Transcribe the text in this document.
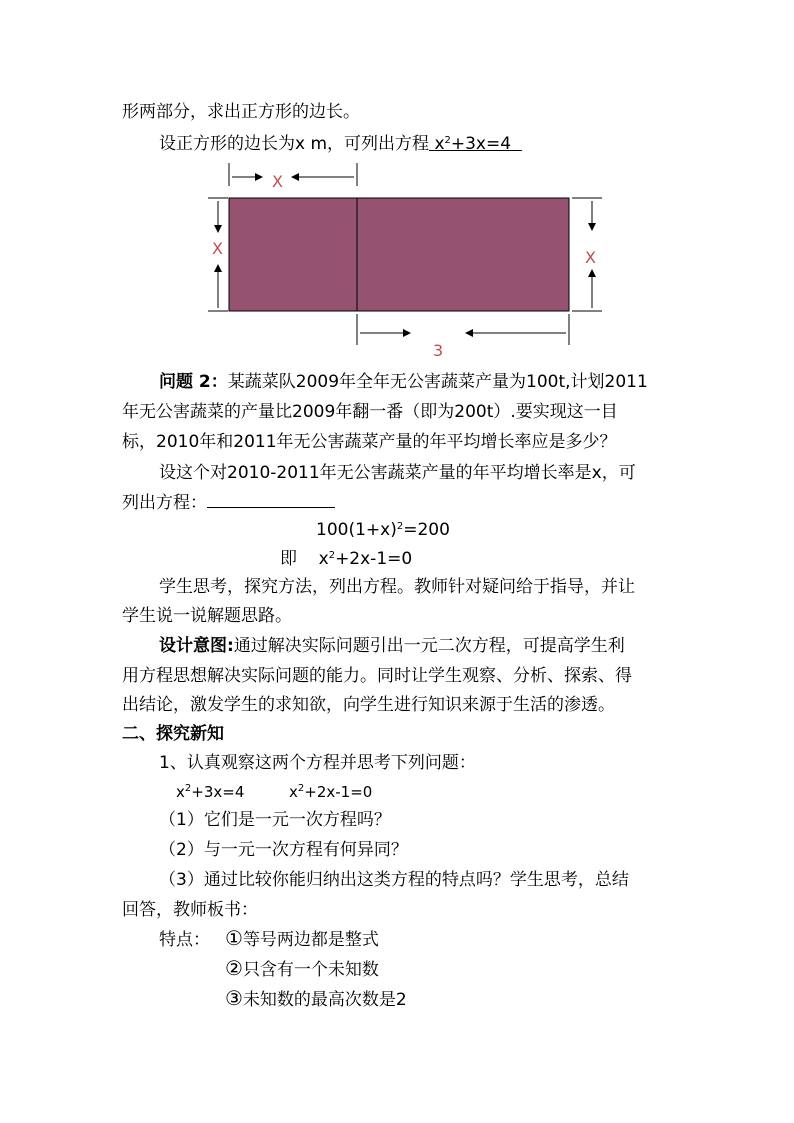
形两部分，求出正方形的边长。
设正方形的边长为x m，可列出方程 $x^2+3x=4$
X
X	X
3
问题 2：某蔬菜队2009年全年无公害蔬菜产量为100t,计划2011
年无公害蔬菜的产量比2009年翻一番（即为200t）.要实现这一目
标，2010年和2011年无公害蔬菜产量的年平均增长率应是多少？
设这个对2010-2011年无公害蔬菜产量的年平均增长率是x，可
列出方程：
$100(1+x)^2=200$
即 $x^2+2x-1=0$
学生思考，探究方法，列出方程。教师针对疑问给于指导，并让
学生说一说解题思路。
设计意图:通过解决实际问题引出一元二次方程，可提高学生利
用方程思想解决实际问题的能力。同时让学生观察、分析、探索、得
出结论，激发学生的求知欲，向学生进行知识来源于生活的渗透。
二、探究新知
1、认真观察这两个方程并思考下列问题：
$x^2+3x=4$	$x^2+2x-1=0$
（1）它们是一元一次方程吗？
（2）与一元一次方程有何异同？
（3）通过比较你能归纳出这类方程的特点吗？学生思考，总结
回答，教师板书：
特点： ①等号两边都是整式
②只含有一个未知数
③未知数的最高次数是2
